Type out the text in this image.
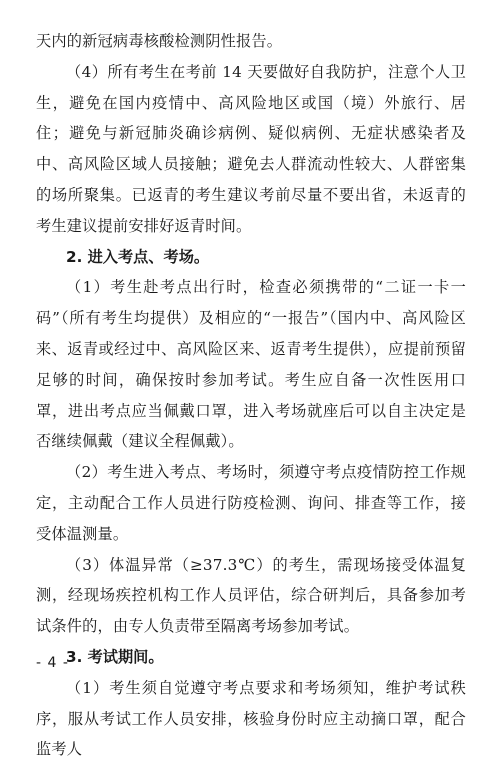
天内的新冠病毒核酸检测阴性报告。

（4）所有考生在考前 14 天要做好自我防护，注意个人卫生，避免在国内疫情中、高风险地区或国（境）外旅行、居住；避免与新冠肺炎确诊病例、疑似病例、无症状感染者及中、高风险区域人员接触；避免去人群流动性较大、人群密集的场所聚集。已返青的考生建议考前尽量不要出省，未返青的考生建议提前安排好返青时间。

2. 进入考点、考场。

（1）考生赴考点出行时，检查必须携带的“二证一卡一码”（所有考生均提供）及相应的“一报告”（国内中、高风险区来、返青或经过中、高风险区来、返青考生提供），应提前预留足够的时间，确保按时参加考试。考生应自备一次性医用口罩，进出考点应当佩戴口罩，进入考场就座后可以自主决定是否继续佩戴（建议全程佩戴）。

（2）考生进入考点、考场时，须遵守考点疫情防控工作规定，主动配合工作人员进行防疫检测、询问、排查等工作，接受体温测量。

（3）体温异常（≥37.3℃）的考生，需现场接受体温复测，经现场疾控机构工作人员评估，综合研判后，具备参加考试条件的，由专人负责带至隔离考场参加考试。

3. 考试期间。

（1）考生须自觉遵守考点要求和考场须知，维护考试秩序，服从考试工作人员安排，核验身份时应主动摘口罩，配合监考人

- 4 -
